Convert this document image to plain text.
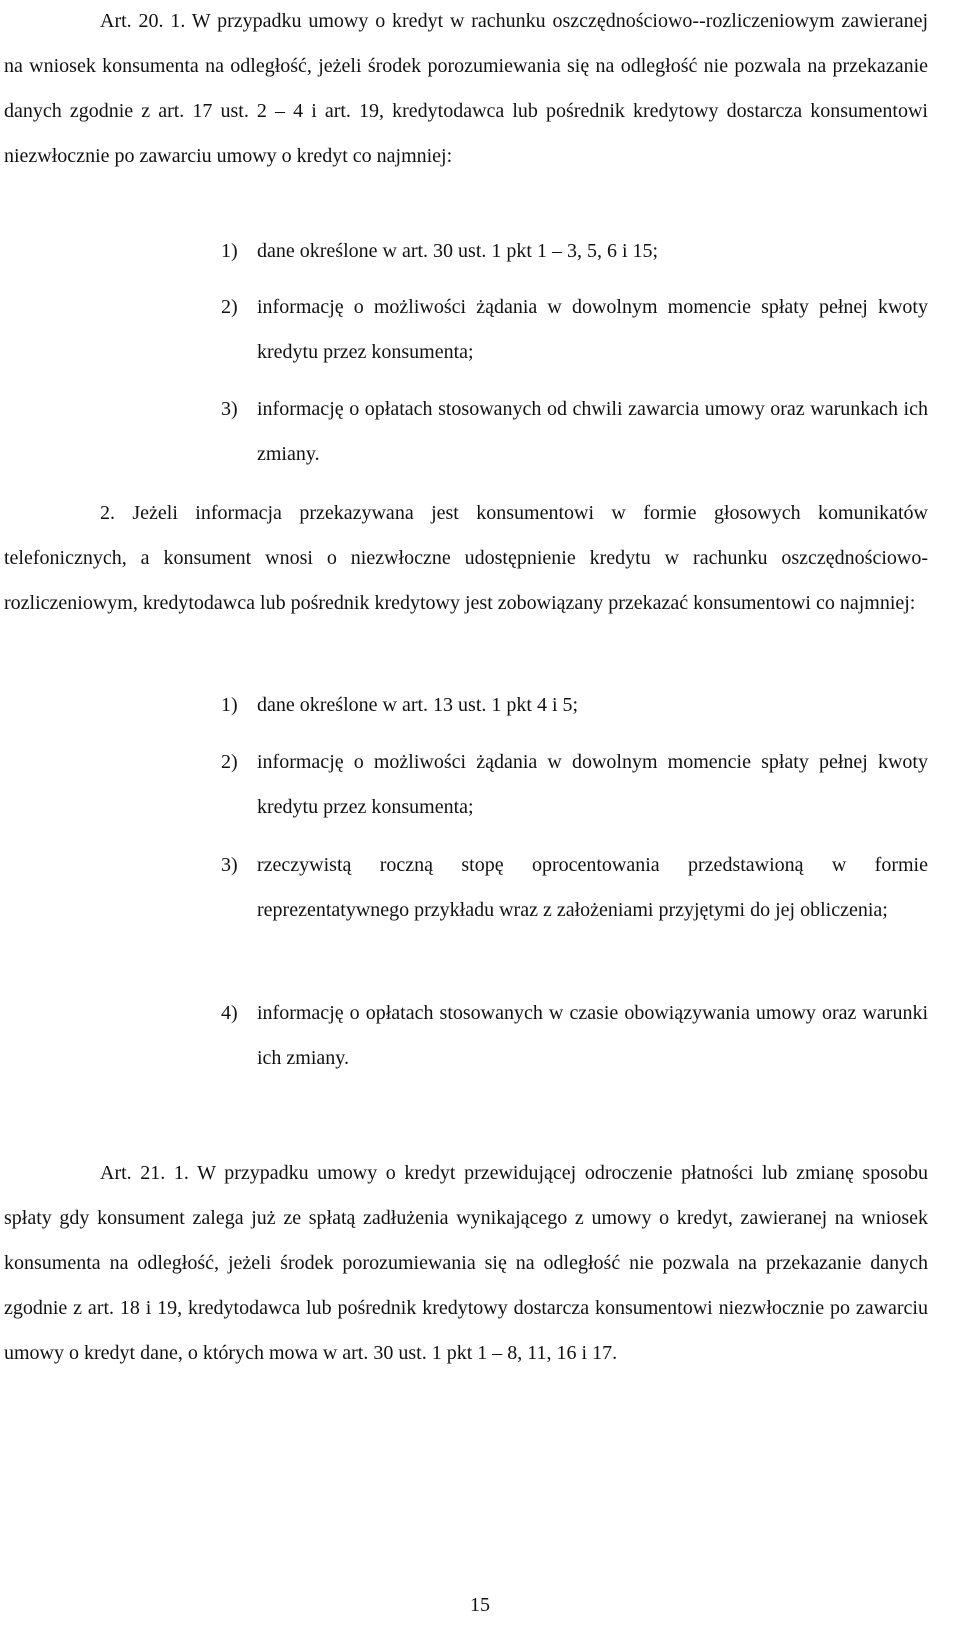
Art. 20. 1. W przypadku umowy o kredyt w rachunku oszczędnościowo--rozliczeniowym zawieranej na wniosek konsumenta na odległość, jeżeli środek porozumiewania się na odległość nie pozwala na przekazanie danych zgodnie z art. 17 ust. 2 – 4 i art. 19, kredytodawca lub pośrednik kredytowy dostarcza konsumentowi niezwłocznie po zawarciu umowy o kredyt co najmniej:

1) dane określone w art. 30 ust. 1 pkt 1 – 3, 5, 6 i 15;
2) informację o możliwości żądania w dowolnym momencie spłaty pełnej kwoty kredytu przez konsumenta;
3) informację o opłatach stosowanych od chwili zawarcia umowy oraz warunkach ich zmiany.

2. Jeżeli informacja przekazywana jest konsumentowi w formie głosowych komunikatów telefonicznych, a konsument wnosi o niezwłoczne udostępnienie kredytu w rachunku oszczędnościowo-rozliczeniowym, kredytodawca lub pośrednik kredytowy jest zobowiązany przekazać konsumentowi co najmniej:

1) dane określone w art. 13 ust. 1 pkt 4 i 5;
2) informację o możliwości żądania w dowolnym momencie spłaty pełnej kwoty kredytu przez konsumenta;
3) rzeczywistą roczną stopę oprocentowania przedstawioną w formie reprezentatywnego przykładu wraz z założeniami przyjętymi do jej obliczenia;
4) informację o opłatach stosowanych w czasie obowiązywania umowy oraz warunki ich zmiany.

Art. 21. 1. W przypadku umowy o kredyt przewidującej odroczenie płatności lub zmianę sposobu spłaty gdy konsument zalega już ze spłatą zadłużenia wynikającego z umowy o kredyt, zawieranej na wniosek konsumenta na odległość, jeżeli środek porozumiewania się na odległość nie pozwala na przekazanie danych zgodnie z art. 18 i 19, kredytodawca lub pośrednik kredytowy dostarcza konsumentowi niezwłocznie po zawarciu umowy o kredyt dane, o których mowa w art. 30 ust. 1 pkt 1 – 8, 11, 16 i 17.

15
